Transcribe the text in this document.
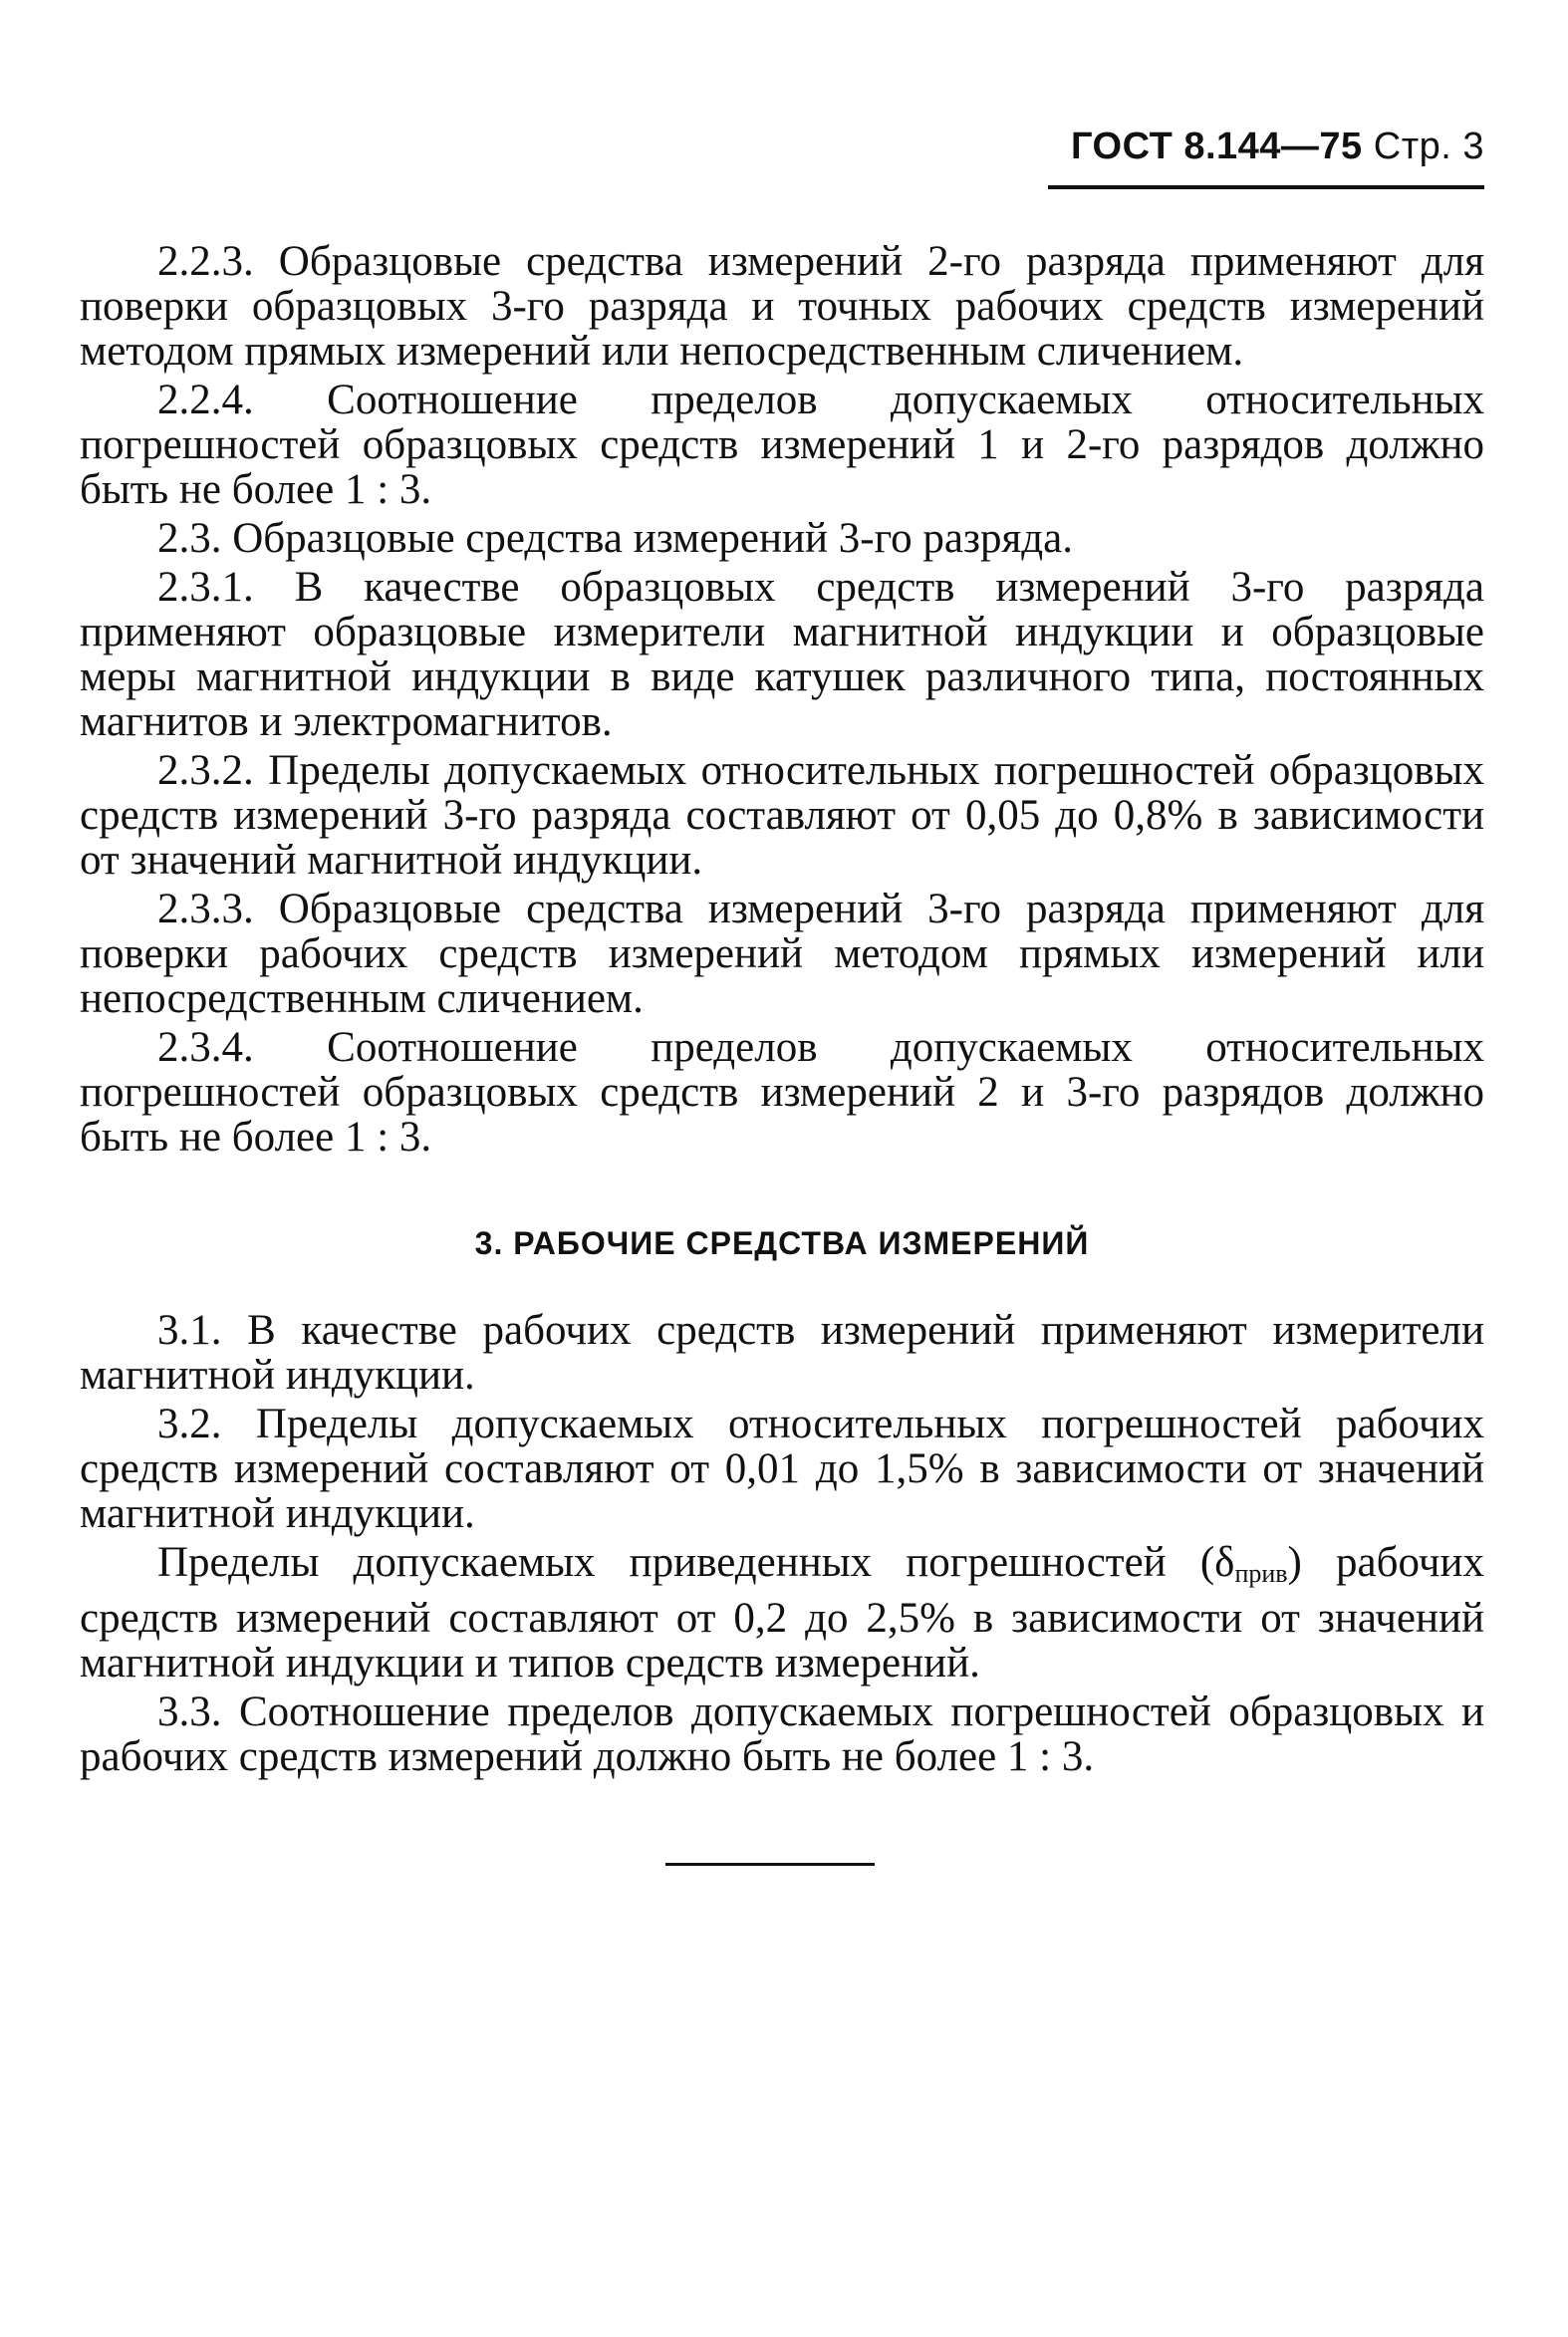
ГОСТ 8.144—75 Стр. 3

2.2.3. Образцовые средства измерений 2-го разряда применяют для поверки образцовых 3-го разряда и точных рабочих средств измерений методом прямых измерений или непосредственным сличением.

2.2.4. Соотношение пределов допускаемых относительных погрешностей образцовых средств измерений 1 и 2-го разрядов должно быть не более 1 : 3.

2.3. Образцовые средства измерений 3-го разряда.

2.3.1. В качестве образцовых средств измерений 3-го разряда применяют образцовые измерители магнитной индукции и образцовые меры магнитной индукции в виде катушек различного типа, постоянных магнитов и электромагнитов.

2.3.2. Пределы допускаемых относительных погрешностей образцовых средств измерений 3-го разряда составляют от 0,05 до 0,8% в зависимости от значений магнитной индукции.

2.3.3. Образцовые средства измерений 3-го разряда применяют для поверки рабочих средств измерений методом прямых измерений или непосредственным сличением.

2.3.4. Соотношение пределов допускаемых относительных погрешностей образцовых средств измерений 2 и 3-го разрядов должно быть не более 1 : 3.

3. РАБОЧИЕ СРЕДСТВА ИЗМЕРЕНИЙ

3.1. В качестве рабочих средств измерений применяют измерители магнитной индукции.

3.2. Пределы допускаемых относительных погрешностей рабочих средств измерений составляют от 0,01 до 1,5% в зависимости от значений магнитной индукции.

Пределы допускаемых приведенных погрешностей $(\delta_{прив})$ рабочих средств измерений составляют от 0,2 до 2,5% в зависимости от значений магнитной индукции и типов средств измерений.

3.3. Соотношение пределов допускаемых погрешностей образцовых и рабочих средств измерений должно быть не более 1 : 3.
